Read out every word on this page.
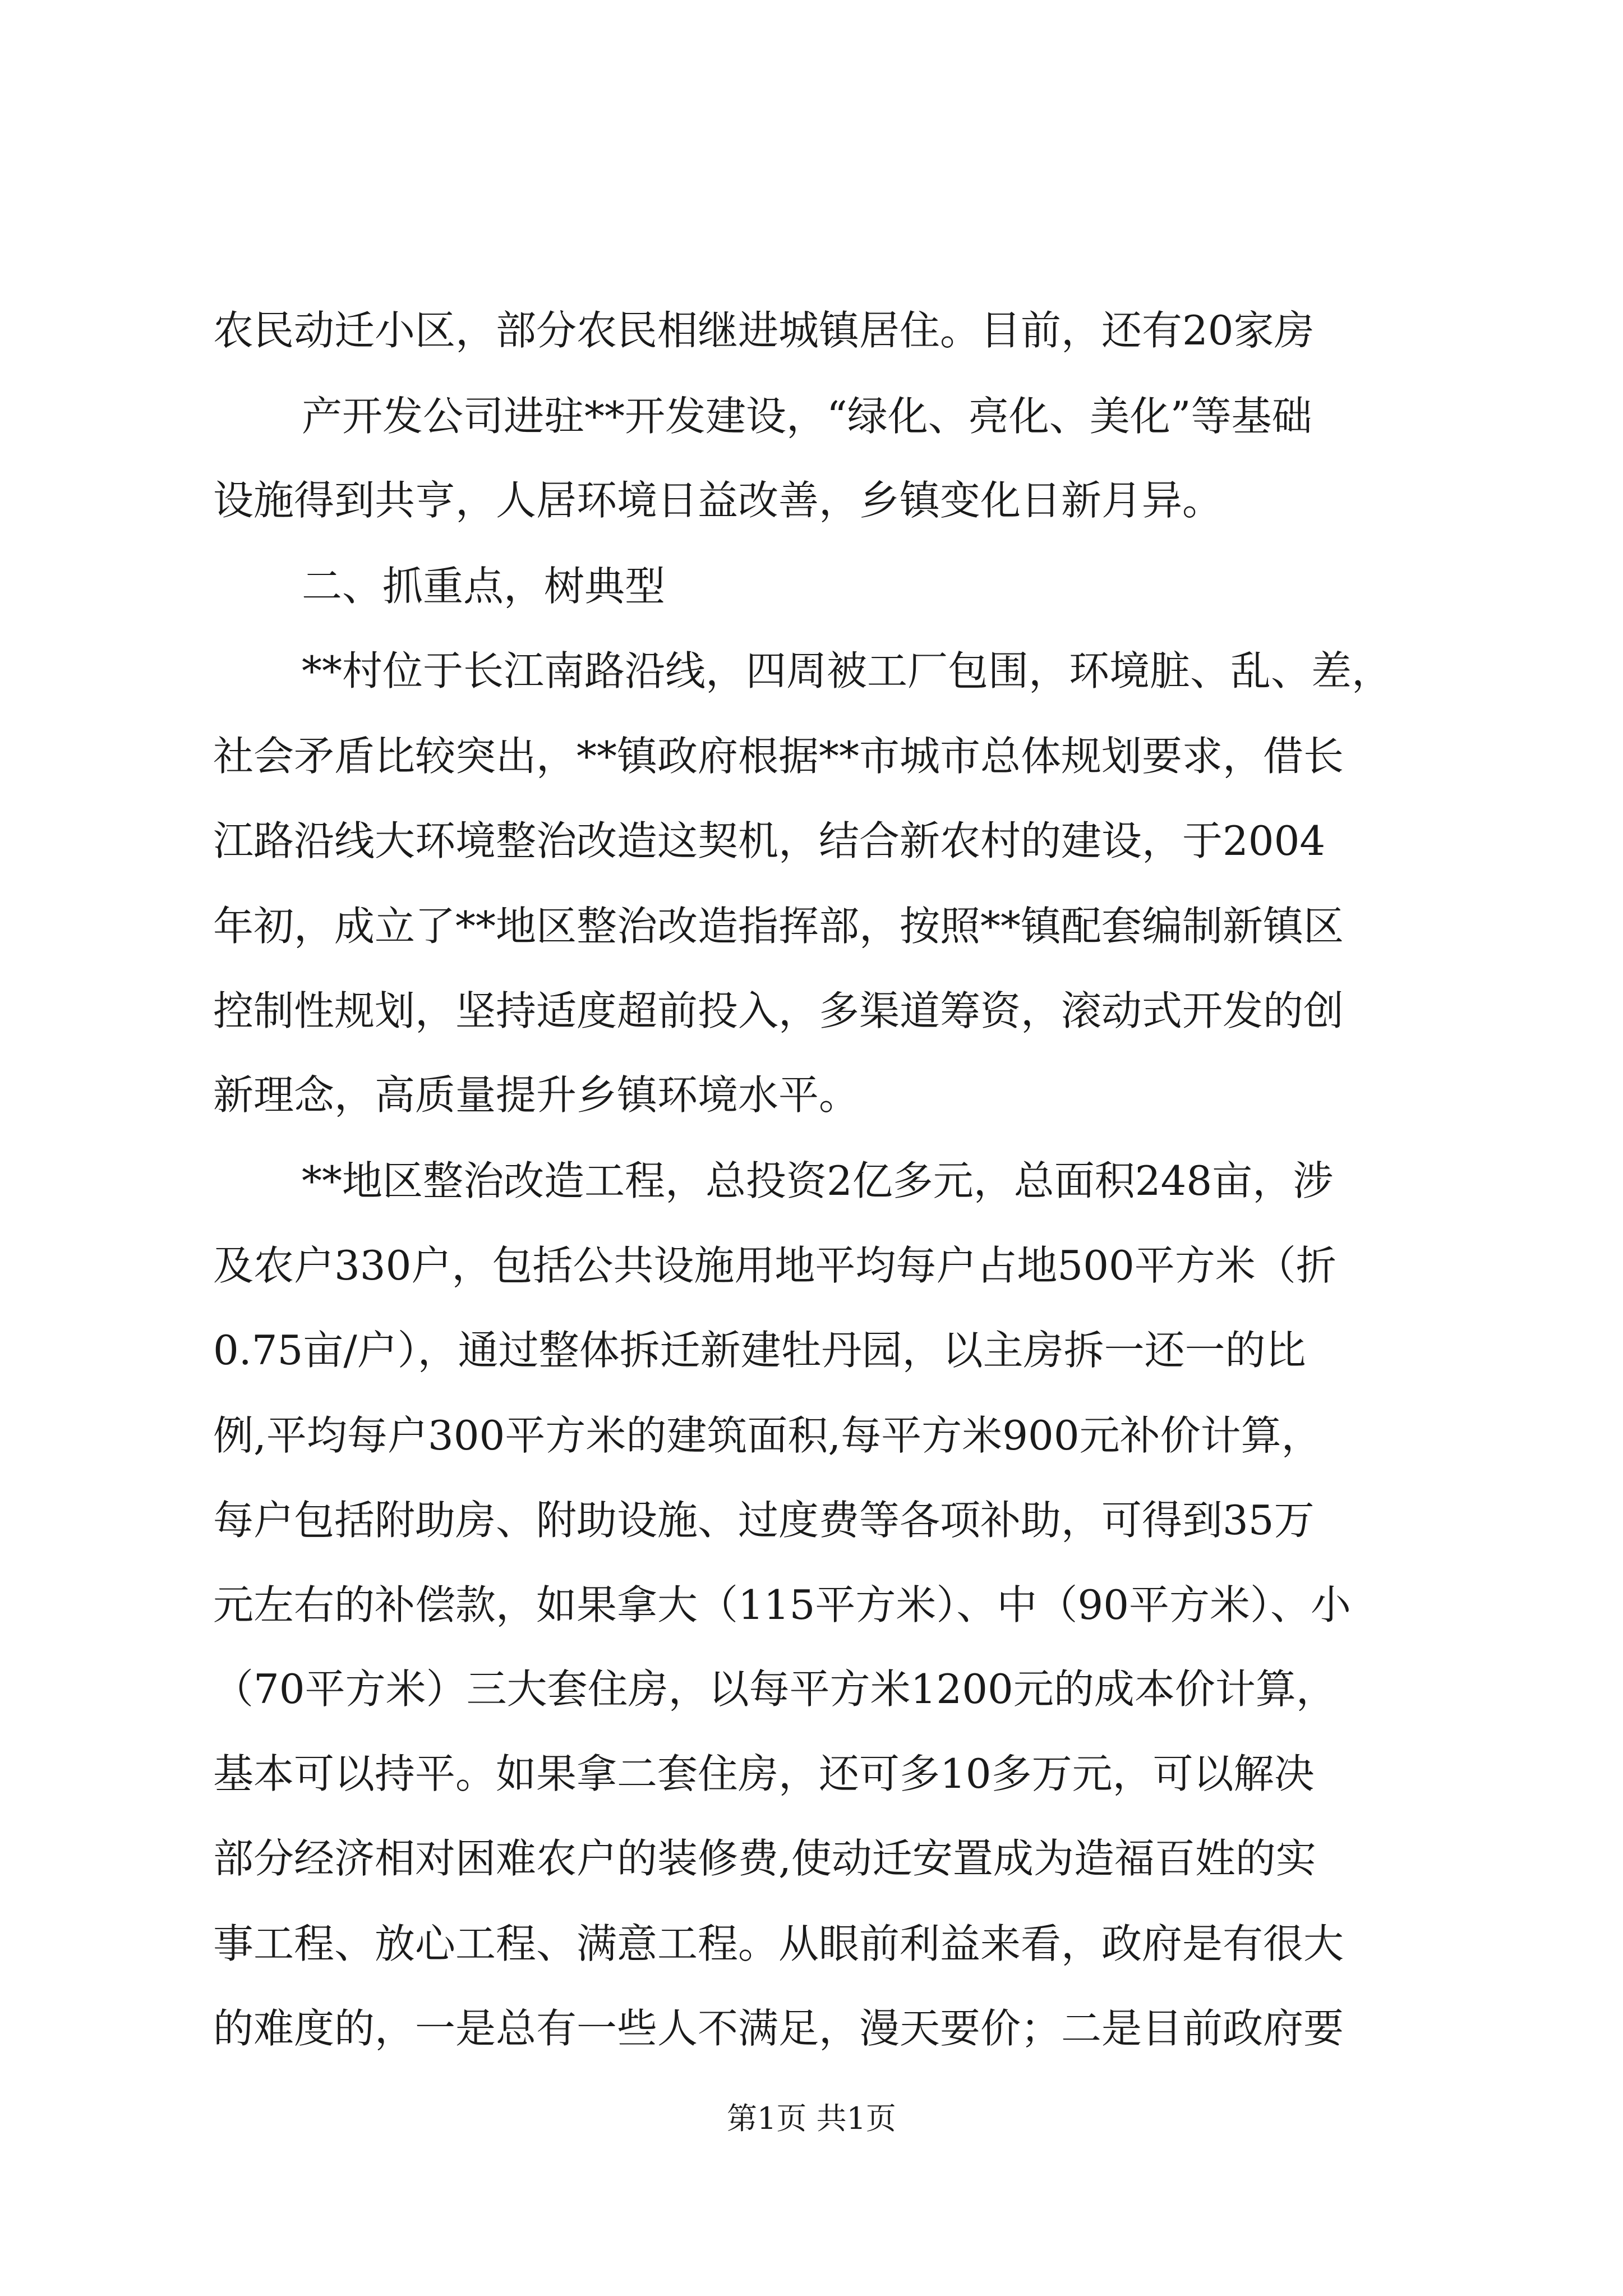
农民动迁小区，部分农民相继进城镇居住。目前，还有20家房
产开发公司进驻**开发建设，“绿化、亮化、美化”等基础
设施得到共亨，人居环境日益改善，乡镇变化日新月异。
二、抓重点，树典型
**村位于长江南路沿线，四周被工厂包围，环境脏、乱、差，
社会矛盾比较突出，**镇政府根据**市城市总体规划要求，借长
江路沿线大环境整治改造这契机，结合新农村的建设，于2004
年初，成立了**地区整治改造指挥部，按照**镇配套编制新镇区
控制性规划，坚持适度超前投入，多渠道筹资，滚动式开发的创
新理念，高质量提升乡镇环境水平。
**地区整治改造工程，总投资2亿多元，总面积248亩，涉
及农户330户，包括公共设施用地平均每户占地500平方米（折
0.75亩/户），通过整体拆迁新建牡丹园，以主房拆一还一的比
例,平均每户300平方米的建筑面积,每平方米900元补价计算，
每户包括附助房、附助设施、过度费等各项补助，可得到35万
元左右的补偿款，如果拿大（115平方米）、中（90平方米）、小
（70平方米）三大套住房，以每平方米1200元的成本价计算，
基本可以持平。如果拿二套住房，还可多10多万元，可以解决
部分经济相对困难农户的装修费,使动迁安置成为造福百姓的实
事工程、放心工程、满意工程。从眼前利益来看，政府是有很大
的难度的，一是总有一些人不满足，漫天要价；二是目前政府要
第1页 共1页
